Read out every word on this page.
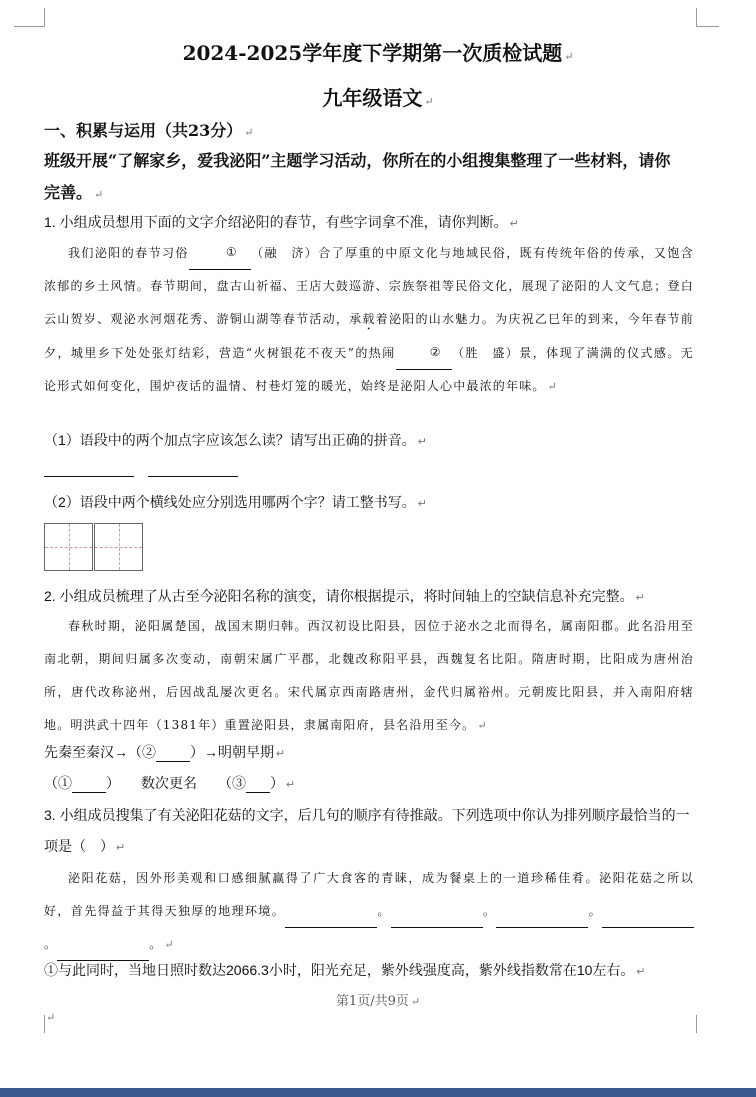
2024-2025学年度下学期第一次质检试题 ↵
九年级语文 ↵
一、积累与运用（共23分） ↵
班级开展“了解家乡，爱我泌阳”主题学习活动，你所在的小组搜集整理了一些材料，请你
完善。 ↵
1. 小组成员想用下面的文字介绍泌阳的春节，有些字词拿不准，请你判断。 ↵

我们泌阳的春节习俗	① （融　济）合了厚重的中原文化与地域民俗，既有传统年俗的传承，又饱含浓郁的乡土风情。春节期间，盘古山祈福、王店大鼓巡游、宗族祭祖等民俗文化，展现了泌阳的人文气息；登白云山贺岁、观泌水河烟花秀、游铜山湖等春节活动，承载着泌阳的山水魅力。为庆祝乙巳年的到来，今年春节前夕，城里乡下处处张灯结彩，营造“火树银花不夜天”的热闹	② （胜　盛）景，体现了满满的仪式感。无论形式如何变化，围炉夜话的温情、村巷灯笼的暖光，始终是泌阳人心中最浓的年味。 ↵

（1）语段中的两个加点字应该怎么读？请写出正确的拼音。 ↵
（2）语段中两个横线处应分别选用哪两个字？请工整书写。 ↵
2. 小组成员梳理了从古至今泌阳名称的演变，请你根据提示，将时间轴上的空缺信息补充完整。 ↵

春秋时期，泌阳属楚国，战国末期归韩。西汉初设比阳县，因位于泌水之北而得名，属南阳郡。此名沿用至南北朝，期间归属多次变动，南朝宋属广平郡，北魏改称阳平县，西魏复名比阳。隋唐时期，比阳成为唐州治所，唐代改称泌州，后因战乱屡次更名。宋代属京西南路唐州，金代归属裕州。元朝废比阳县，并入南阳府辖地。明洪武十四年（1381年）重置泌阳县，隶属南阳府，县名沿用至今。 ↵

先秦至秦汉→（② ）→明朝早期 ↵
（① ）　　数次更名　　（③ ） ↵
3. 小组成员搜集了有关泌阳花菇的文字，后几句的顺序有待推敲。下列选项中你认为排列顺序最恰当的一
项是（　） ↵

泌阳花菇，因外形美观和口感细腻赢得了广大食客的青睐，成为餐桌上的一道珍稀佳肴。泌阳花菇之所以好，首先得益于其得天独厚的地理环境。	。	。	。。	。 ↵

①与此同时，当地日照时数达2066.3小时，阳光充足，紫外线强度高，紫外线指数常在10左右。 ↵
第1页/共9页 ↵
↵
